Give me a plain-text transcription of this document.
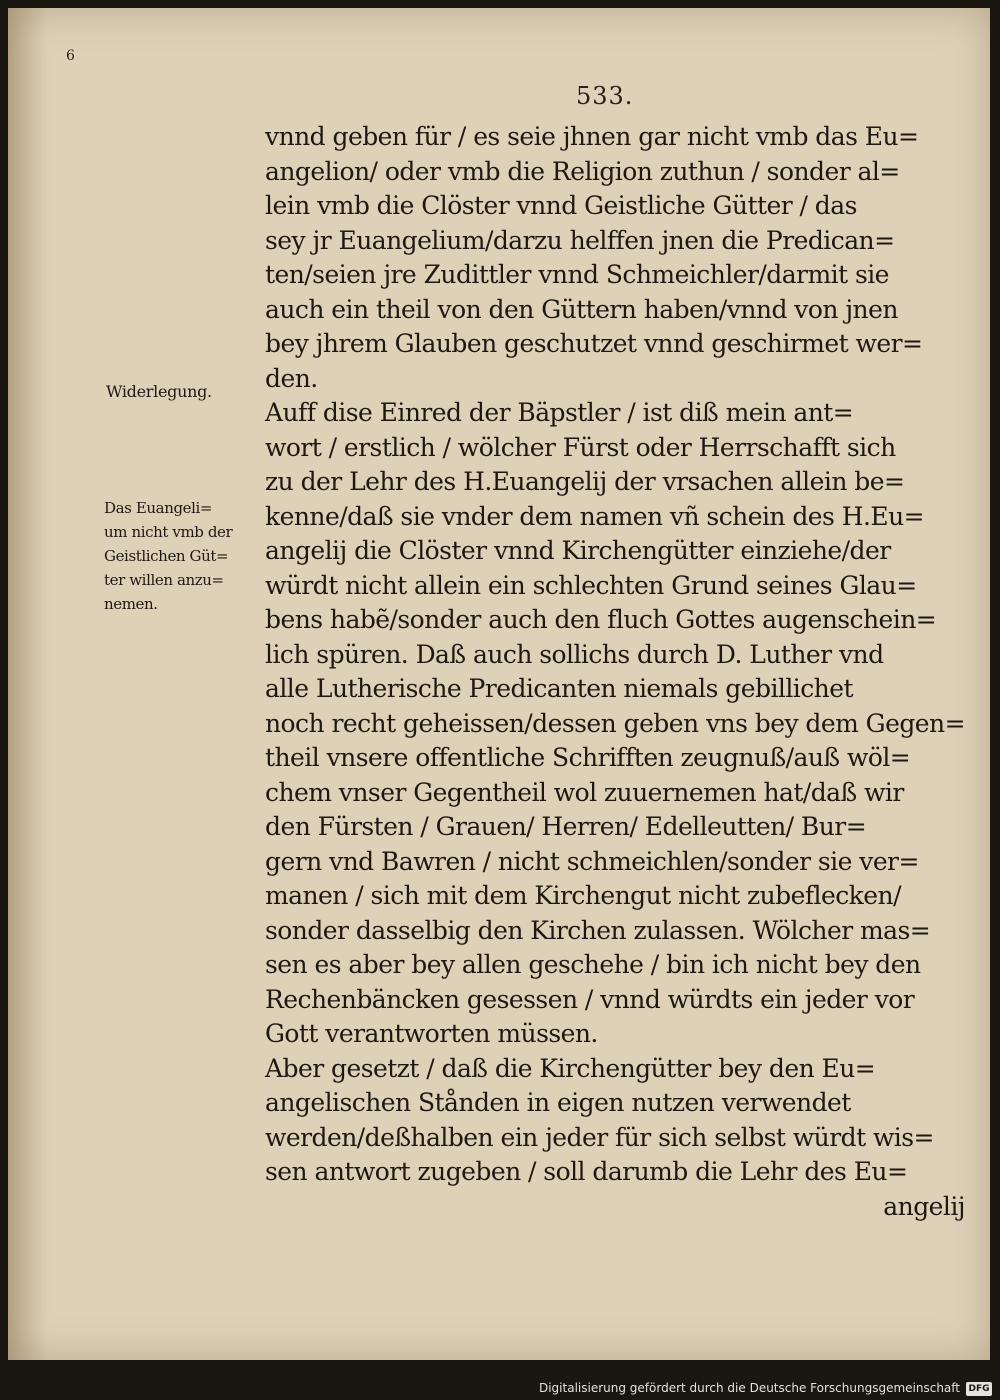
6
533.
Widerlegung.
Das Euangeli=
um nicht vmb der
Geistlichen Güt=
ter willen anzu=
nemen.
vnnd geben für / es seie jhnen gar nicht vmb das Eu=
angelion/ oder vmb die Religion zuthun / sonder al=
lein vmb die Clöster vnnd Geistliche Gütter / das
sey jr Euangelium/darzu helffen jnen die Predican=
ten/seien jre Zudittler vnnd Schmeichler/darmit sie
auch ein theil von den Güttern haben/vnnd von jnen
bey jhrem Glauben geschutzet vnnd geschirmet wer=
den.
Auff dise Einred der Bäpstler / ist diß mein ant=
wort / erstlich / wölcher Fürst oder Herrschafft sich
zu der Lehr des H.Euangelij der vrsachen allein be=
kenne/daß sie vnder dem namen vñ schein des H.Eu=
angelij die Clöster vnnd Kirchengütter einziehe/der
würdt nicht allein ein schlechten Grund seines Glau=
bens habẽ/sonder auch den fluch Gottes augenschein=
lich spüren. Daß auch sollichs durch D. Luther vnd
alle Lutherische Predicanten niemals gebillichet
noch recht geheissen/dessen geben vns bey dem Gegen=
theil vnsere offentliche Schrifften zeugnuß/auß wöl=
chem vnser Gegentheil wol zuuernemen hat/daß wir
den Fürsten / Grauen/ Herren/ Edelleutten/ Bur=
gern vnd Bawren / nicht schmeichlen/sonder sie ver=
manen / sich mit dem Kirchengut nicht zubeflecken/
sonder dasselbig den Kirchen zulassen. Wölcher mas=
sen es aber bey allen geschehe / bin ich nicht bey den
Rechenbäncken gesessen / vnnd würdts ein jeder vor
Gott verantworten müssen.
Aber gesetzt / daß die Kirchengütter bey den Eu=
angelischen Stånden in eigen nutzen verwendet
werden/deßhalben ein jeder für sich selbst würdt wis=
sen antwort zugeben / soll darumb die Lehr des Eu=
angelij
Digitalisierung gefördert durch die Deutsche Forschungsgemeinschaft DFG
